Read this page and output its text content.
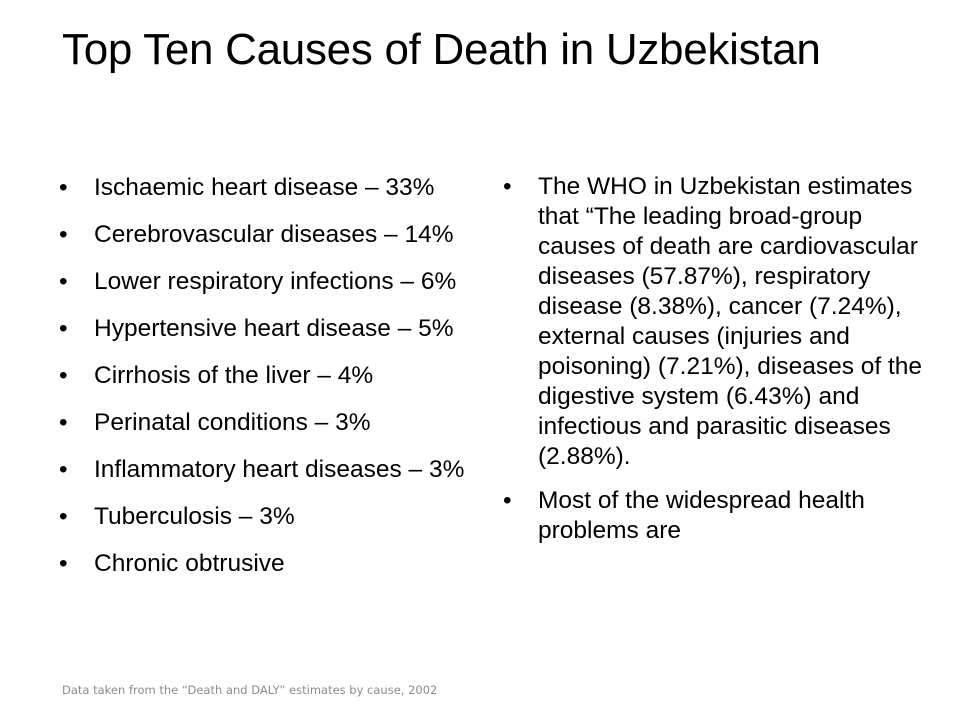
Top Ten Causes of Death in Uzbekistan
• Ischaemic heart disease – 33%
• Cerebrovascular diseases – 14%
• Lower respiratory infections – 6%
• Hypertensive heart disease – 5%
• Cirrhosis of the liver – 4%
• Perinatal conditions – 3%
• Inflammatory heart diseases – 3%
• Tuberculosis – 3%
• Chronic obtrusive
• The WHO in Uzbekistan estimates that “The leading broad-group causes of death are cardiovascular diseases (57.87%), respiratory disease (8.38%), cancer (7.24%), external causes (injuries and poisoning) (7.21%), diseases of the digestive system (6.43%) and infectious and parasitic diseases (2.88%).
• Most of the widespread health problems are
Data taken from the “Death and DALY” estimates by cause, 2002
